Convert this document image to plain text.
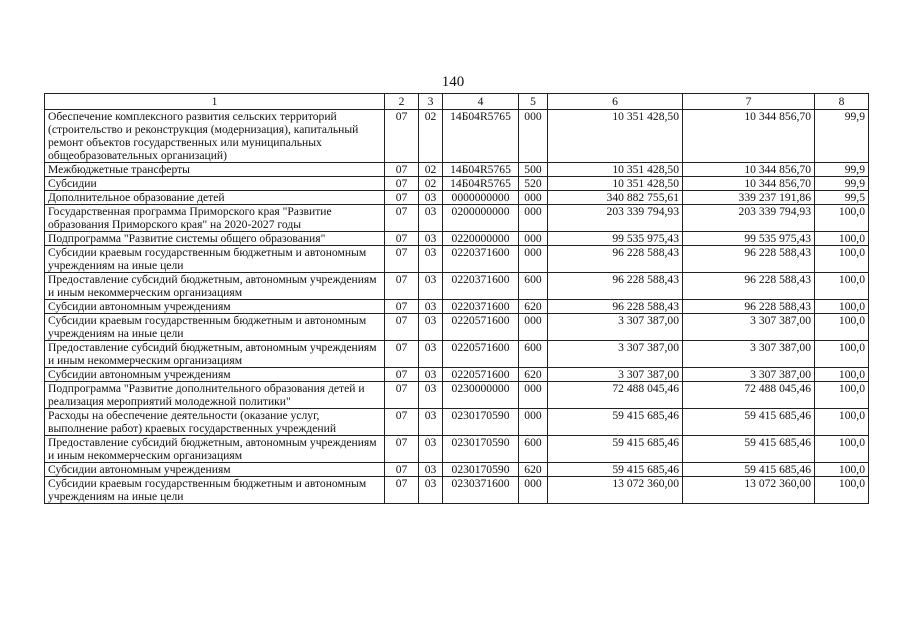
140
1	2	3	4	5	6	7	8
Обеспечение комплексного развития сельских территорий (строительство и реконструкция (модернизация), капитальный ремонт объектов государственных или муниципальных общеобразовательных организаций)	07	02	14Б04R5765	000	10 351 428,50	10 344 856,70	99,9
Межбюджетные трансферты	07	02	14Б04R5765	500	10 351 428,50	10 344 856,70	99,9
Субсидии	07	02	14Б04R5765	520	10 351 428,50	10 344 856,70	99,9
Дополнительное образование детей	07	03	0000000000	000	340 882 755,61	339 237 191,86	99,5
Государственная программа Приморского края "Развитие образования Приморского края" на 2020-2027 годы	07	03	0200000000	000	203 339 794,93	203 339 794,93	100,0
Подпрограмма "Развитие системы общего образования"	07	03	0220000000	000	99 535 975,43	99 535 975,43	100,0
Субсидии краевым государственным бюджетным и автономным учреждениям на иные цели	07	03	0220371600	000	96 228 588,43	96 228 588,43	100,0
Предоставление субсидий бюджетным, автономным учреждениям и иным некоммерческим организациям	07	03	0220371600	600	96 228 588,43	96 228 588,43	100,0
Субсидии автономным учреждениям	07	03	0220371600	620	96 228 588,43	96 228 588,43	100,0
Субсидии краевым государственным бюджетным и автономным учреждениям на иные цели	07	03	0220571600	000	3 307 387,00	3 307 387,00	100,0
Предоставление субсидий бюджетным, автономным учреждениям и иным некоммерческим организациям	07	03	0220571600	600	3 307 387,00	3 307 387,00	100,0
Субсидии автономным учреждениям	07	03	0220571600	620	3 307 387,00	3 307 387,00	100,0
Подпрограмма "Развитие дополнительного образования детей и реализация мероприятий молодежной политики"	07	03	0230000000	000	72 488 045,46	72 488 045,46	100,0
Расходы на обеспечение деятельности (оказание услуг, выполнение работ) краевых государственных учреждений	07	03	0230170590	000	59 415 685,46	59 415 685,46	100,0
Предоставление субсидий бюджетным, автономным учреждениям и иным некоммерческим организациям	07	03	0230170590	600	59 415 685,46	59 415 685,46	100,0
Субсидии автономным учреждениям	07	03	0230170590	620	59 415 685,46	59 415 685,46	100,0
Субсидии краевым государственным бюджетным и автономным учреждениям на иные цели	07	03	0230371600	000	13 072 360,00	13 072 360,00	100,0
